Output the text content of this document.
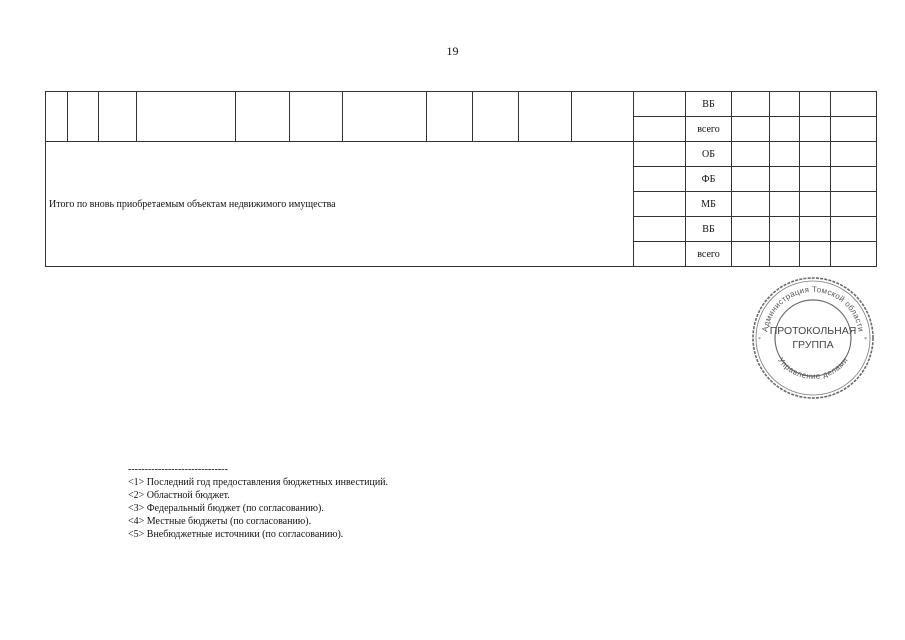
19
												ВБ				
												всего				
Итого по вновь приобретаемым объектам недвижимого имущества												ОБ				
												ФБ				
												МБ				
												ВБ				
												всего				
Администрация Томской области
Управление делами
ПРОТОКОЛЬНАЯ
ГРУППА
*	*
------------------------------
<1> Последний год предоставления бюджетных инвестиций.
<2> Областной бюджет.
<3> Федеральный бюджет (по согласованию).
<4> Местные бюджеты (по согласованию).
<5> Внебюджетные источники (по согласованию).
